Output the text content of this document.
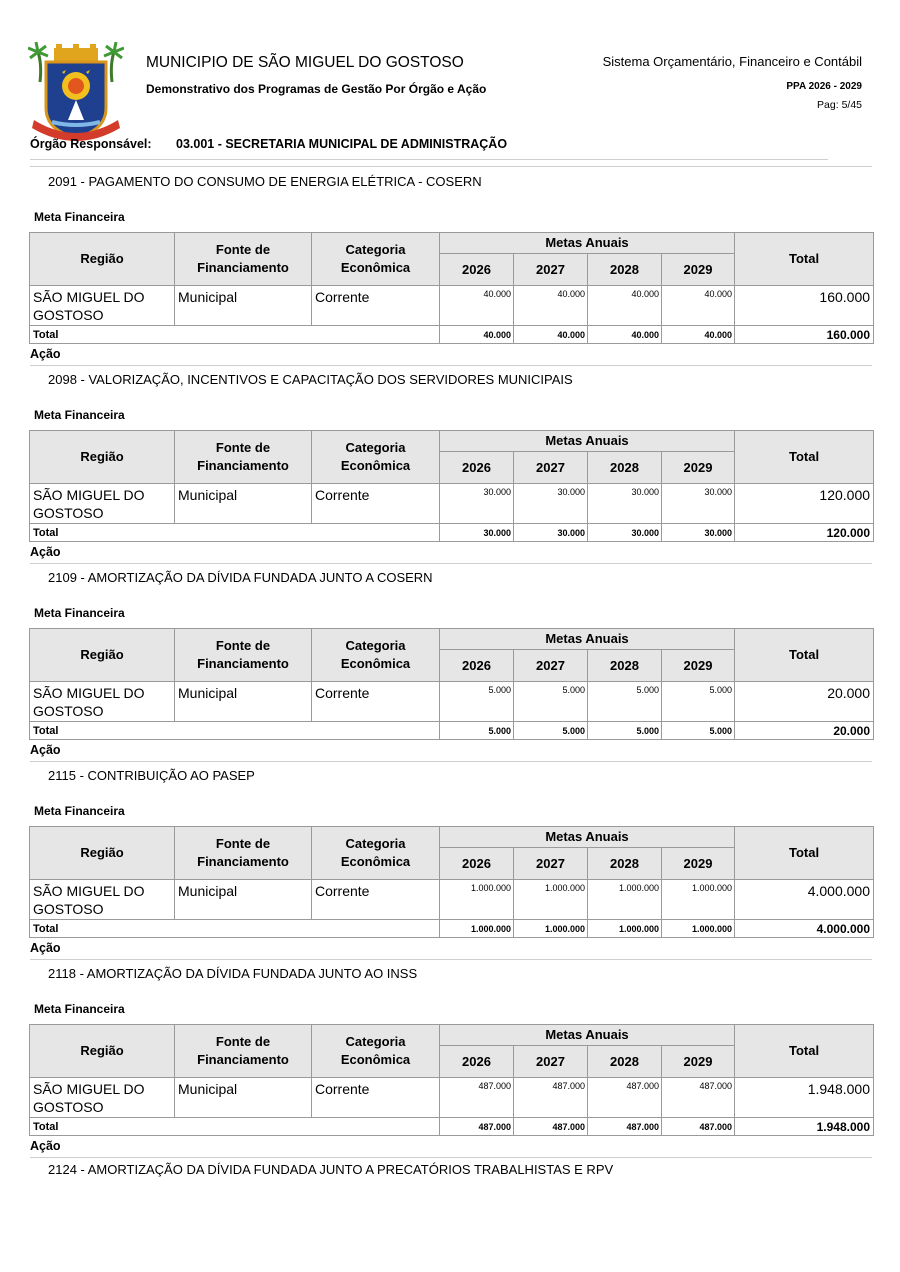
MUNICIPIO DE SÃO MIGUEL DO GOSTOSO
Demonstrativo dos Programas de Gestão Por Órgão e Ação
Sistema Orçamentário, Financeiro e Contábil
PPA 2026 - 2029
Pag: 5/45
Órgão Responsável: 03.001 - SECRETARIA MUNICIPAL DE ADMINISTRAÇÃO
2091 - PAGAMENTO DO CONSUMO DE ENERGIA ELÉTRICA - COSERN
Meta Financeira
Região	Fonte de Financiamento	Categoria Econômica	Metas Anuais				Total
			2026	2027	2028	2029	
SÃO MIGUEL DO GOSTOSO	Municipal	Corrente	40.000	40.000	40.000	40.000	160.000
Total			40.000	40.000	40.000	40.000	160.000
Ação
2098 - VALORIZAÇÃO, INCENTIVOS E CAPACITAÇÃO DOS SERVIDORES MUNICIPAIS
Meta Financeira
Região	Fonte de Financiamento	Categoria Econômica	Metas Anuais				Total
			2026	2027	2028	2029	
SÃO MIGUEL DO GOSTOSO	Municipal	Corrente	30.000	30.000	30.000	30.000	120.000
Total			30.000	30.000	30.000	30.000	120.000
Ação
2109 - AMORTIZAÇÃO DA DÍVIDA FUNDADA JUNTO A COSERN
Meta Financeira
Região	Fonte de Financiamento	Categoria Econômica	Metas Anuais				Total
			2026	2027	2028	2029	
SÃO MIGUEL DO GOSTOSO	Municipal	Corrente	5.000	5.000	5.000	5.000	20.000
Total			5.000	5.000	5.000	5.000	20.000
Ação
2115 - CONTRIBUIÇÃO AO PASEP
Meta Financeira
Região	Fonte de Financiamento	Categoria Econômica	Metas Anuais				Total
			2026	2027	2028	2029	
SÃO MIGUEL DO GOSTOSO	Municipal	Corrente	1.000.000	1.000.000	1.000.000	1.000.000	4.000.000
Total			1.000.000	1.000.000	1.000.000	1.000.000	4.000.000
Ação
2118 - AMORTIZAÇÃO DA DÍVIDA FUNDADA JUNTO AO INSS
Meta Financeira
Região	Fonte de Financiamento	Categoria Econômica	Metas Anuais				Total
			2026	2027	2028	2029	
SÃO MIGUEL DO GOSTOSO	Municipal	Corrente	487.000	487.000	487.000	487.000	1.948.000
Total			487.000	487.000	487.000	487.000	1.948.000
Ação
2124 - AMORTIZAÇÃO DA DÍVIDA FUNDADA JUNTO A PRECATÓRIOS TRABALHISTAS E RPV
